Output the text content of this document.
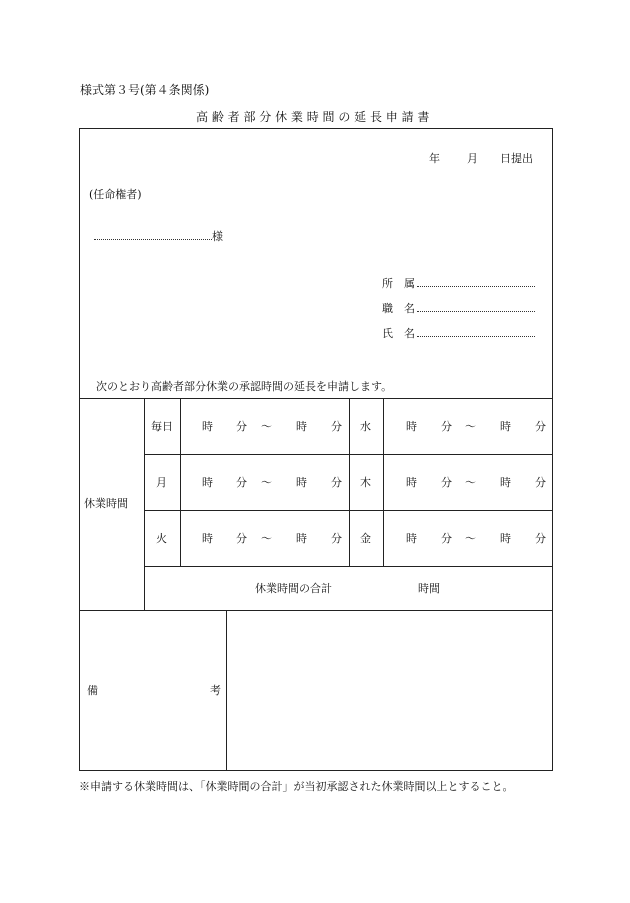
様式第３号(第４条関係)
高 齢 者 部 分 休 業 時 間 の 延 長 申 請 書
年 月 日提出
(任命権者)
様
所　属
職　名
氏　名
次のとおり高齢者部分休業の承認時間の延長を申請します。
休業時間
毎日	時 分 ～ 時 分 水	時 分 ～ 時 分
月	時 分 ～ 時 分 木	時 分 ～ 時 分
火	時 分 ～ 時 分 金	時 分 ～ 時 分
休業時間の合計	時間
備	考
※申請する休業時間は、「休業時間の合計」が当初承認された休業時間以上とすること。
